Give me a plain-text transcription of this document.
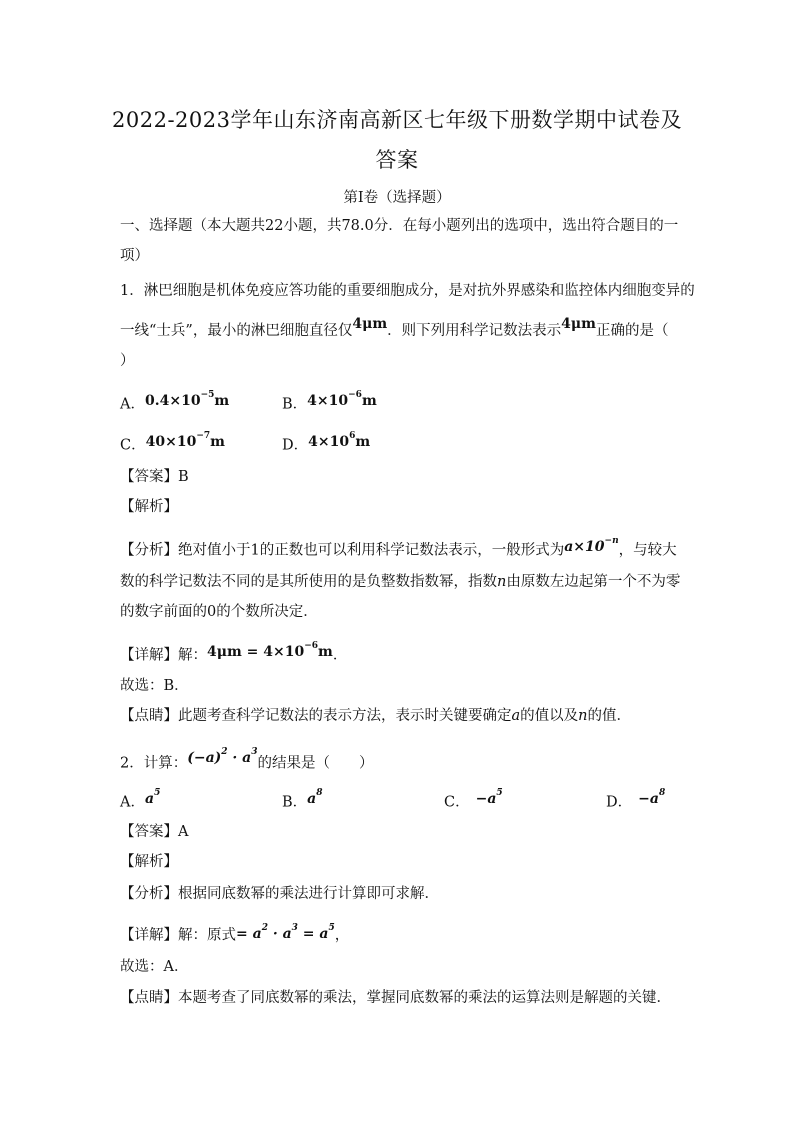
2022-2023学年山东济南高新区七年级下册数学期中试卷及
答案
第I卷（选择题）
一、选择题（本大题共22小题，共78.0分．在每小题列出的选项中，选出符合题目的一
项）
1．淋巴细胞是机体免疫应答功能的重要细胞成分，是对抗外界感染和监控体内细胞变异的
一线“士兵”，最小的淋巴细胞直径仅4μm．则下列用科学记数法表示4μm正确的是（
）
A．$0.4\times 10^{-5}m$	B．$4\times 10^{-6}m$
C．$40\times 10^{-7}m$	D．$4\times 10^6m$
【答案】B
【解析】
【分析】绝对值小于1的正数也可以利用科学记数法表示，一般形式为$a\times 10^{-n}$，与较大
数的科学记数法不同的是其所使用的是负整数指数幂，指数n由原数左边起第一个不为零
的数字前面的0的个数所决定．
【详解】解：$4\mu m = 4\times 10^{-6}m$．
故选：B．
【点睛】此题考查科学记数法的表示方法，表示时关键要确定a的值以及n的值．
2．计算：$(-a)^2 \cdot a^3$的结果是（　　）
A．$a^5$
B．$a^8$
C． $-a^5$
D． $-a^8$
【答案】A
【解析】
【分析】根据同底数幂的乘法进行计算即可求解．
【详解】解：原式= $a^2 \cdot a^3 = a^5$，
故选：A．
【点睛】本题考查了同底数幂的乘法，掌握同底数幂的乘法的运算法则是解题的关键．
